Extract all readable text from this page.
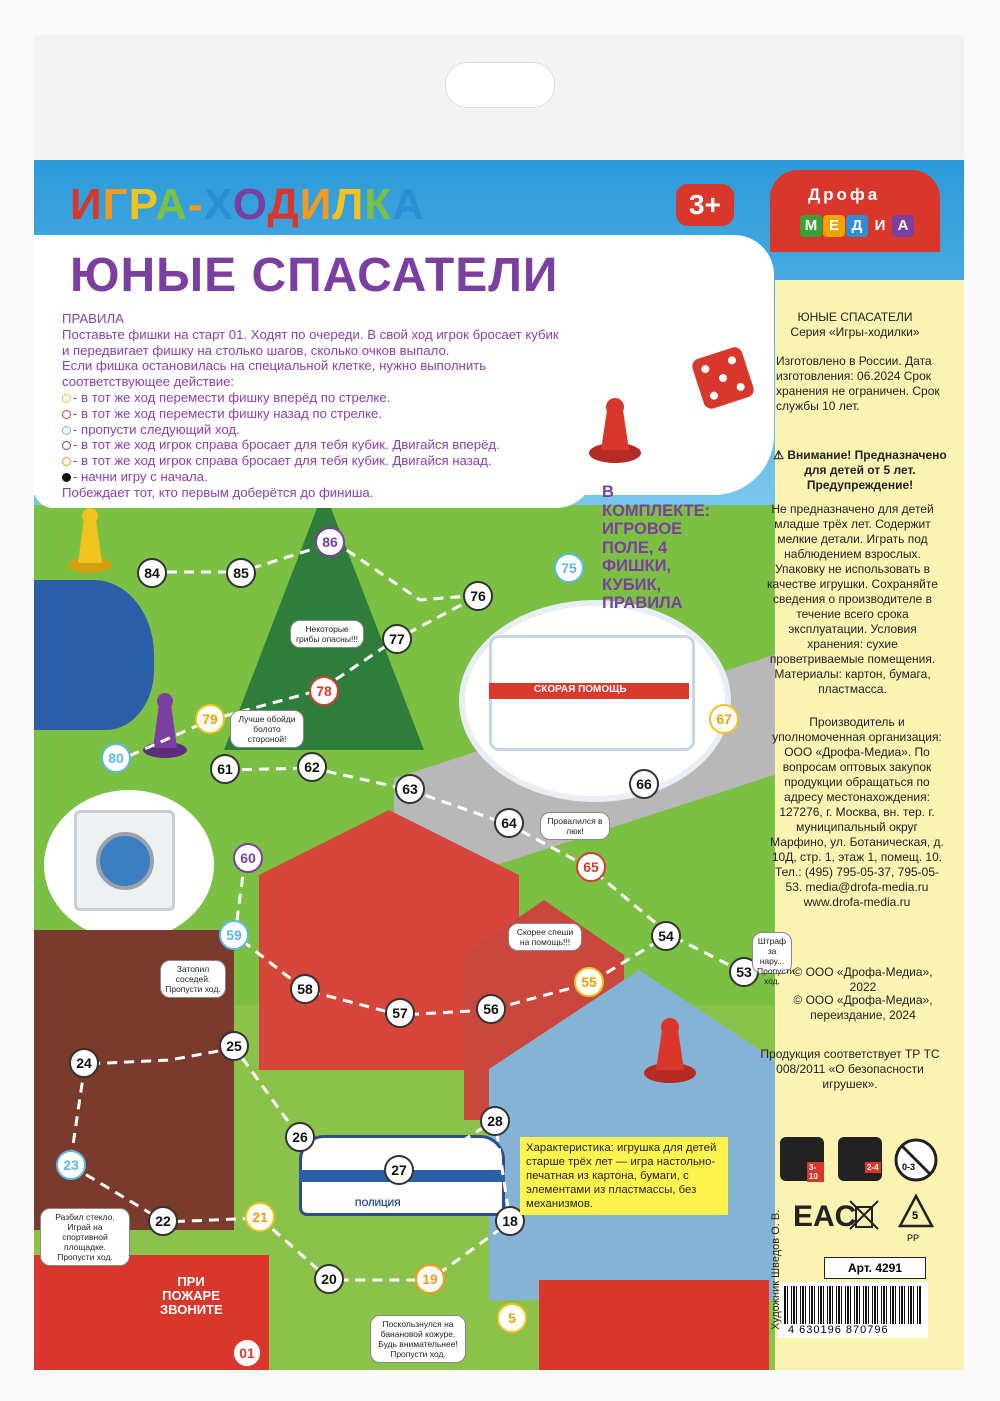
СКОРАЯ ПОМОЩЬ
ИГРА-ХОДИЛКА
ЮНЫЕ СПАСАТЕЛИ
3+	Дрофа
М Е Д И А
ПРАВИЛА
Поставьте фишки на старт 01. Ходят по очереди. В свой ход игрок бросает кубик
и передвигает фишку на столько шагов, сколько очков выпало.
Если фишка остановилась на специальной клетке, нужно выполнить
соответствующее действие:
- в тот же ход перемести фишку вперёд по стрелке.
- в тот же ход перемести фишку назад по стрелке.
- пропусти следующий ход.
- в тот же ход игрок справа бросает для тебя кубик. Двигайся вперёд.
- в тот же ход игрок справа бросает для тебя кубик. Двигайся назад.
- начни игру с начала.
Побеждает тот, кто первым доберётся до финиша.
84	85
86
76
75
77
78
79
80
61	62
63
64
65
66
67
60
59
58
57	56
55
54
53
25
24
26
27
28
23
22	21
20	19
18
5
01
Некоторые грибы опасны!!!
Лучше обойди болото стороной!
Провалился в люк!
Скорее спеши на помощь!!!
Затопил соседей. Пропусти ход.
Разбил стекло. Играй на спортивной площадке. Пропусти ход.
Поскользнулся на банановой кожуре. Будь внимательнее! Пропусти ход.
Штраф за нару... Пропусти ход.
ПРИ ПОЖАРЕ ЗВОНИТЕ
ПОЛИЦИЯ
В КОМПЛЕКТЕ: ИГРОВОЕ ПОЛЕ, 4 ФИШКИ, КУБИК, ПРАВИЛА
ЮНЫЕ СПАСАТЕЛИ
Серия «Игры-ходилки»
Изготовлено в России. Дата изготовления: 06.2024 Срок хранения не ограничен. Срок службы 10 лет.
⚠ Внимание! Предназначено для детей от 5 лет. Предупреждение!
Не предназначено для детей младше трёх лет. Содержит мелкие детали. Играть под наблюдением взрослых. Упаковку не использовать в качестве игрушки. Сохраняйте сведения о производителе в течение всего срока эксплуатации. Условия хранения: сухие проветриваемые помещения. Материалы: картон, бумага, пластмасса.
Производитель и уполномоченная организация: ООО «Дрофа-Медиа». По вопросам оптовых закупок продукции обращаться по адресу местонахождения: 127276, г. Москва, вн. тер. г. муниципальный округ Марфино, ул. Ботаническая, д. 10Д, стр. 1, этаж 1, помещ. 10. Тел.: (495) 795-05-37, 795-05-53. media@drofa-media.ru www.drofa-media.ru
© ООО «Дрофа-Медиа», 2022
© ООО «Дрофа-Медиа», переиздание, 2024
Продукция соответствует ТР ТС 008/2011 «О безопасности игрушек».
3-10
2-4	0-3
EAC	5
PP
Арт. 4291
4 630196 870796
Характеристика: игрушка для детей старше трёх лет — игра настольно-печатная из картона, бумаги, с элементами из пластмассы, без механизмов.
Художник Шведов О. В.
